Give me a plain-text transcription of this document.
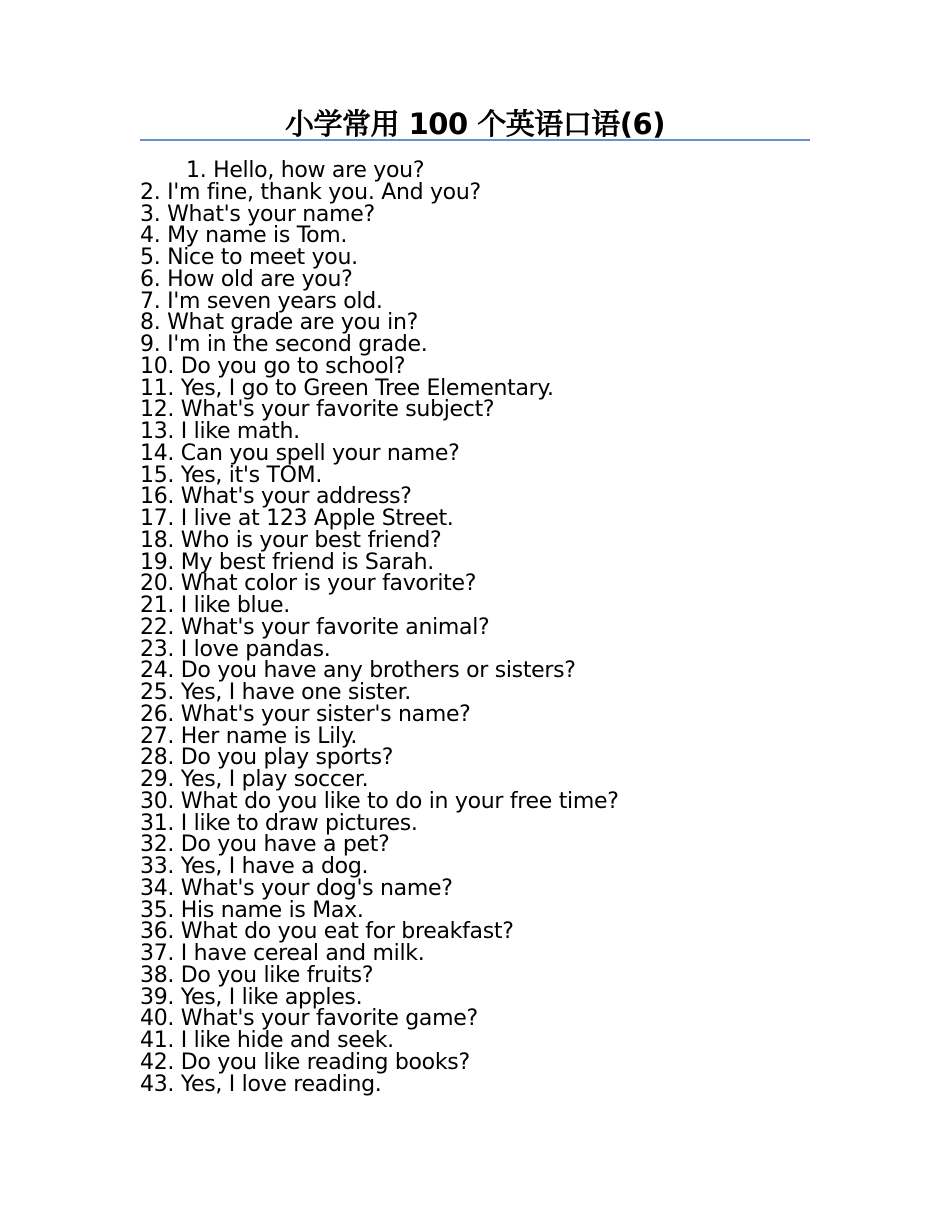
小学常用 100 个英语口语(6)
1. Hello, how are you?
2. I'm fine, thank you. And you?
3. What's your name?
4. My name is Tom.
5. Nice to meet you.
6. How old are you?
7. I'm seven years old.
8. What grade are you in?
9. I'm in the second grade.
10. Do you go to school?
11. Yes, I go to Green Tree Elementary.
12. What's your favorite subject?
13. I like math.
14. Can you spell your name?
15. Yes, it's TOM.
16. What's your address?
17. I live at 123 Apple Street.
18. Who is your best friend?
19. My best friend is Sarah.
20. What color is your favorite?
21. I like blue.
22. What's your favorite animal?
23. I love pandas.
24. Do you have any brothers or sisters?
25. Yes, I have one sister.
26. What's your sister's name?
27. Her name is Lily.
28. Do you play sports?
29. Yes, I play soccer.
30. What do you like to do in your free time?
31. I like to draw pictures.
32. Do you have a pet?
33. Yes, I have a dog.
34. What's your dog's name?
35. His name is Max.
36. What do you eat for breakfast?
37. I have cereal and milk.
38. Do you like fruits?
39. Yes, I like apples.
40. What's your favorite game?
41. I like hide and seek.
42. Do you like reading books?
43. Yes, I love reading.
